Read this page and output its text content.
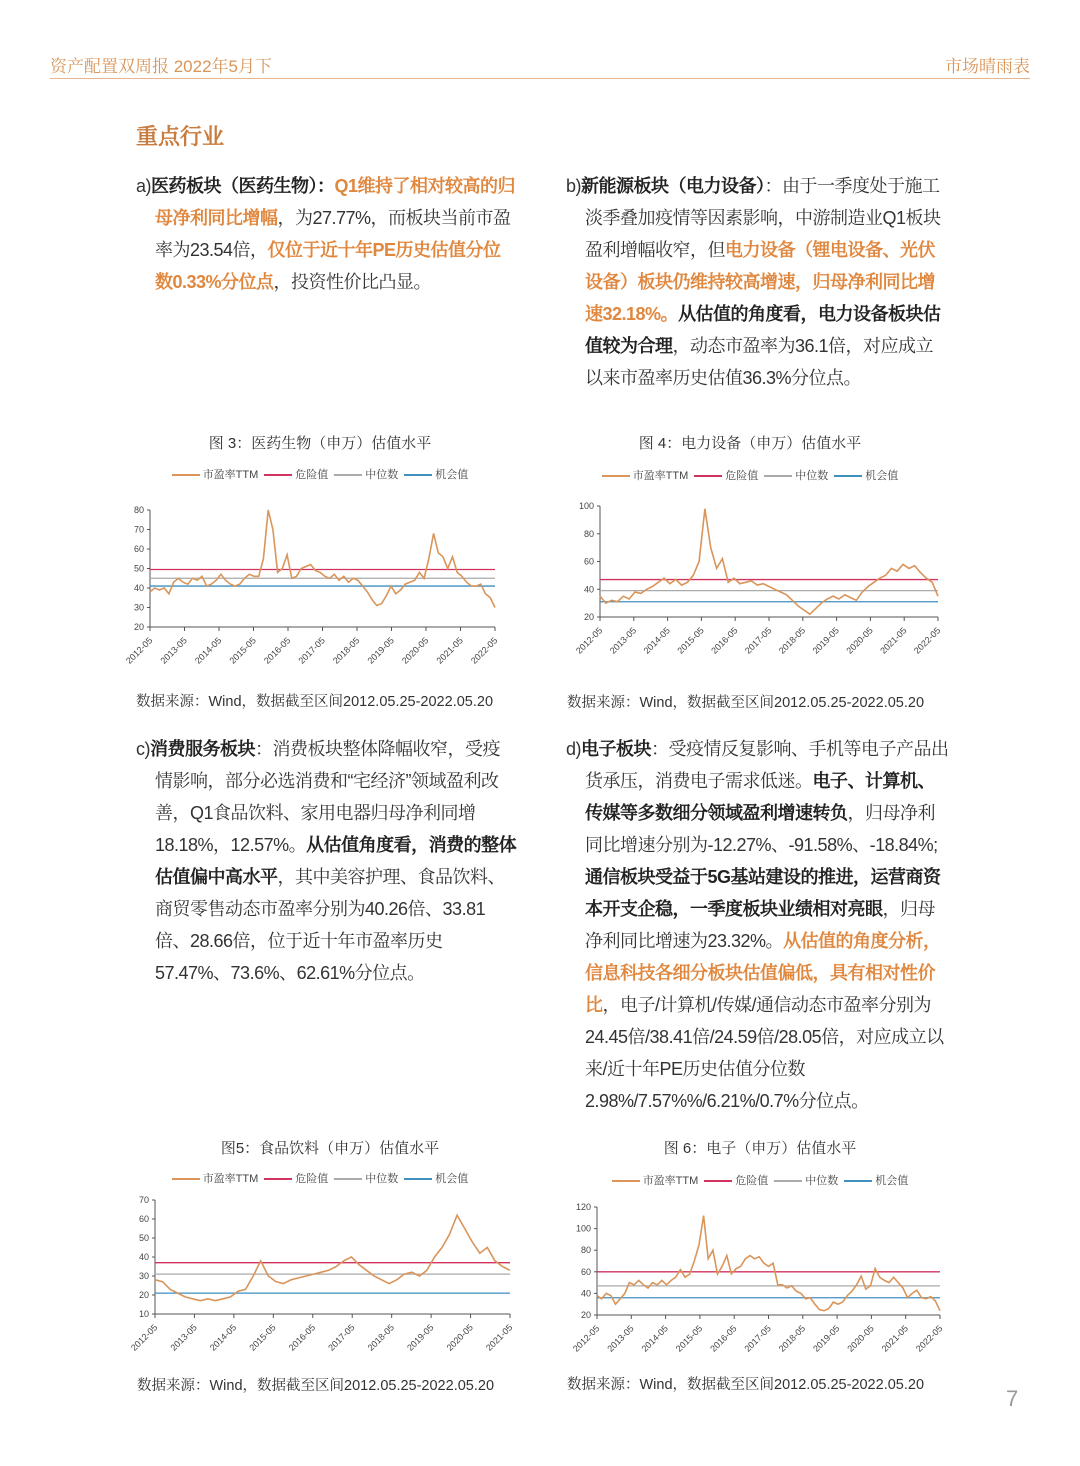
资产配置双周报 2022年5月下	市场晴雨表
重点行业
a)医药板块（医药生物）：Q1维持了相对较高的归母净利同比增幅，为27.77%，而板块当前市盈率为23.54倍，仅位于近十年PE历史估值分位数0.33%分位点，投资性价比凸显。
b)新能源板块（电力设备）：由于一季度处于施工淡季叠加疫情等因素影响，中游制造业Q1板块盈利增幅收窄，但电力设备（锂电设备、光伏设备）板块仍维持较高增速，归母净利同比增速32.18%。从估值的角度看，电力设备板块估值较为合理，动态市盈率为36.1倍，对应成立以来市盈率历史估值36.3%分位点。
c)消费服务板块：消费板块整体降幅收窄，受疫情影响，部分必选消费和“宅经济”领域盈利改善，Q1食品饮料、家用电器归母净利同增18.18%，12.57%。从估值角度看，消费的整体估值偏中高水平，其中美容护理、食品饮料、商贸零售动态市盈率分别为40.26倍、33.81倍、28.66倍，位于近十年市盈率历史57.47%、73.6%、62.61%分位点。
d)电子板块：受疫情反复影响、手机等电子产品出货承压，消费电子需求低迷。电子、计算机、传媒等多数细分领域盈利增速转负，归母净利同比增速分别为-12.27%、-91.58%、-18.84%;通信板块受益于5G基站建设的推进，运营商资本开支企稳，一季度板块业绩相对亮眼，归母净利同比增速为23.32%。从估值的角度分析，信息科技各细分板块估值偏低，具有相对性价比，电子/计算机/传媒/通信动态市盈率分别为24.45倍/38.41倍/24.59倍/28.05倍，对应成立以来/近十年PE历史估值分位数2.98%/7.57%%/6.21%/0.7%分位点。
图 3：医药生物（申万）估值水平
市盈率TTM	危险值	中位数	机会值
20
30
40
50
60
70
80
2012-05 2013-05 2014-05 2015-05 2016-05 2017-05 2018-05 2019-05 2020-05 2021-05 2022-05
数据来源：Wind，数据截至区间2012.05.25-2022.05.20
图 4：电力设备（申万）估值水平
市盈率TTM	危险值	中位数	机会值
20
40
60
80
100
2012-05 2013-05 2014-05 2015-05 2016-05 2017-05 2018-05 2019-05 2020-05 2021-05 2022-05
数据来源：Wind，数据截至区间2012.05.25-2022.05.20
图5：食品饮料（申万）估值水平
市盈率TTM	危险值	中位数	机会值
10
20
30
40
50
60
70
2012-05 2013-05 2014-05 2015-05 2016-05 2017-05 2018-05 2019-05 2020-05 2021-05
数据来源：Wind，数据截至区间2012.05.25-2022.05.20
图 6：电子（申万）估值水平
市盈率TTM	危险值	中位数	机会值
20
40
60
80
100
120
2012-05 2013-05 2014-05 2015-05 2016-05 2017-05 2018-05 2019-05 2020-05 2021-05 2022-05
数据来源：Wind，数据截至区间2012.05.25-2022.05.20
7
